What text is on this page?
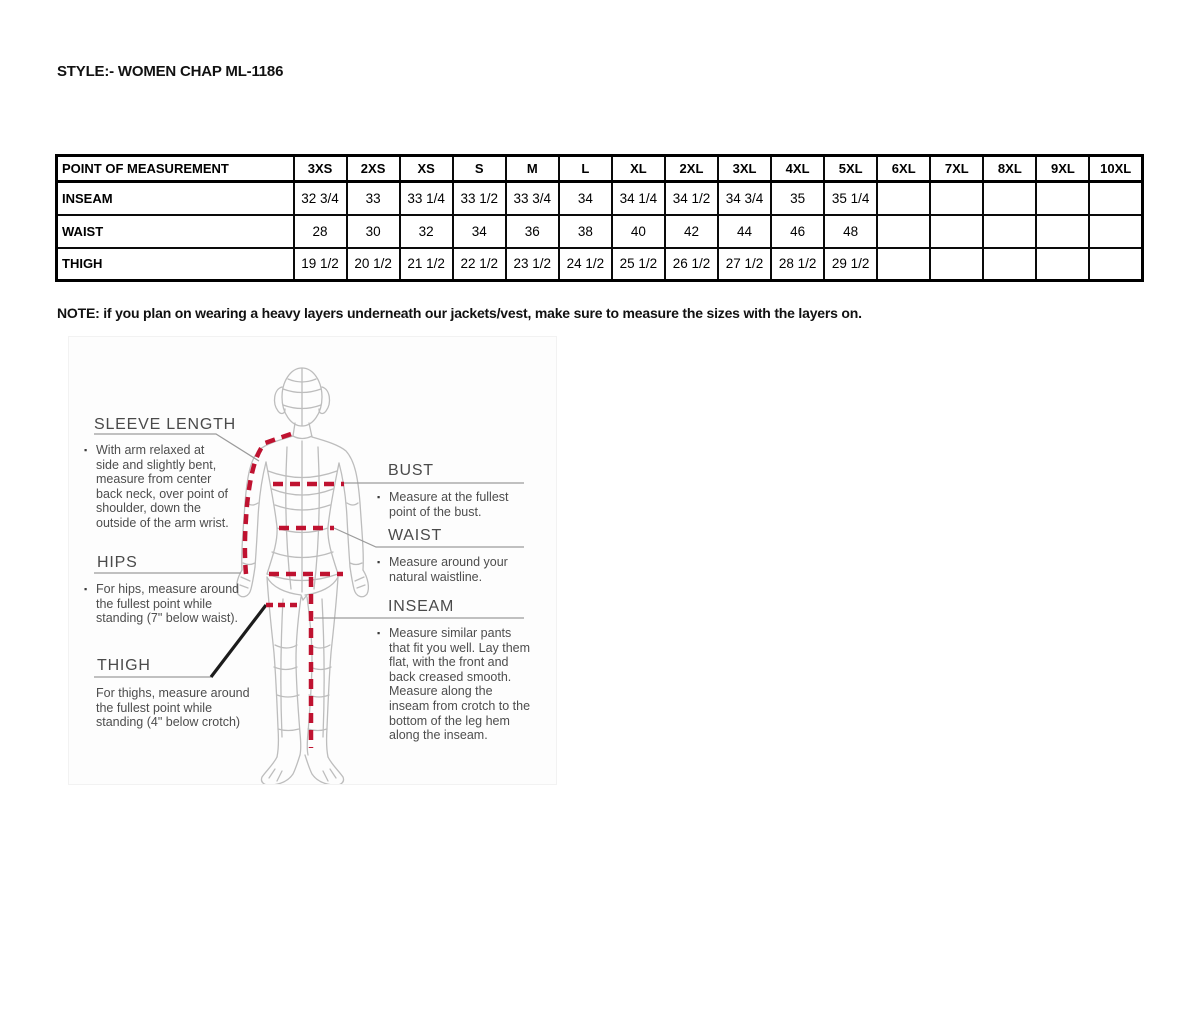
STYLE:- WOMEN CHAP ML-1186
POINT OF MEASUREMENT	3XS	2XS	XS	S	M	L	XL	2XL	3XL	4XL	5XL	6XL	7XL	8XL	9XL	10XL
INSEAM	32 3/4	33	33 1/4	33 1/2	33 3/4	34	34 1/4	34 1/2	34 3/4	35	35 1/4					
WAIST	28	30	32	34	36	38	40	42	44	46	48					
THIGH	19 1/2	20 1/2	21 1/2	22 1/2	23 1/2	24 1/2	25 1/2	26 1/2	27 1/2	28 1/2	29 1/2					
NOTE: if you plan on wearing a heavy layers underneath our jackets/vest, make sure to measure the sizes with the layers on.
SLEEVE LENGTH
▪ With arm relaxed at side and slightly bent, measure from center back neck, over point of shoulder, down the outside of the arm wrist.
HIPS
▪ For hips, measure around the fullest point while standing (7" below waist).
THIGH
For thighs, measure around the fullest point while standing (4" below crotch)
BUST
▪ Measure at the fullest point of the bust.
WAIST
▪ Measure around your natural waistline.
INSEAM
▪ Measure similar pants that fit you well. Lay them flat, with the front and back creased smooth. Measure along the inseam from crotch to the bottom of the leg hem along the inseam.
